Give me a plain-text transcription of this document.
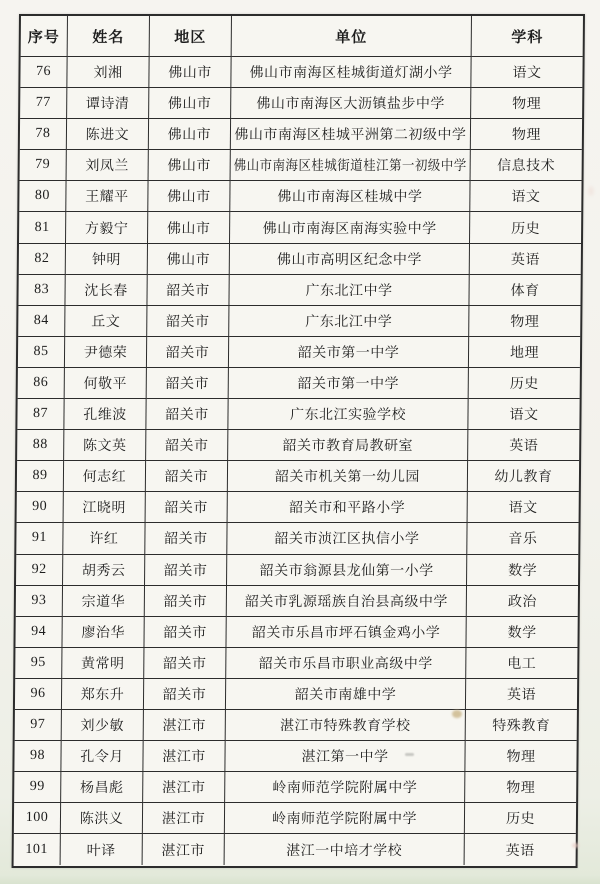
序号	姓名	地区	单位	学科
76	刘湘	佛山市	佛山市南海区桂城街道灯湖小学	语文
77	谭诗清	佛山市	佛山市南海区大沥镇盐步中学	物理
78	陈进文	佛山市 佛山市南海区桂城平洲第二初级中学	物理
79	刘凤兰	佛山市 佛山市南海区桂城街道桂江第一初级中学 信息技术
80	王耀平	佛山市	佛山市南海区桂城中学	语文
81	方毅宁	佛山市	佛山市南海区南海实验中学	历史
82	钟明	佛山市	佛山市高明区纪念中学	英语
83	沈长春	韶关市	广东北江中学	体育
84	丘文	韶关市	广东北江中学	物理
85	尹德荣	韶关市	韶关市第一中学	地理
86	何敬平	韶关市	韶关市第一中学	历史
87	孔维波	韶关市	广东北江实验学校	语文
88	陈文英	韶关市	韶关市教育局教研室	英语
89	何志红	韶关市	韶关市机关第一幼儿园	幼儿教育
90	江晓明	韶关市	韶关市和平路小学	语文
91	许红	韶关市	韶关市浈江区执信小学	音乐
92	胡秀云	韶关市	韶关市翁源县龙仙第一小学	数学
93	宗道华	韶关市	韶关市乳源瑶族自治县高级中学	政治
94	廖治华	韶关市	韶关市乐昌市坪石镇金鸡小学	数学
95	黄常明	韶关市	韶关市乐昌市职业高级中学	电工
96	郑东升	韶关市	韶关市南雄中学	英语
97	刘少敏	湛江市	湛江市特殊教育学校	特殊教育
98	孔令月	湛江市	湛江第一中学	物理
99	杨昌彪	湛江市	岭南师范学院附属中学	物理
100 陈洪义	湛江市	岭南师范学院附属中学	历史
101	叶译	湛江市	湛江一中培才学校	英语
